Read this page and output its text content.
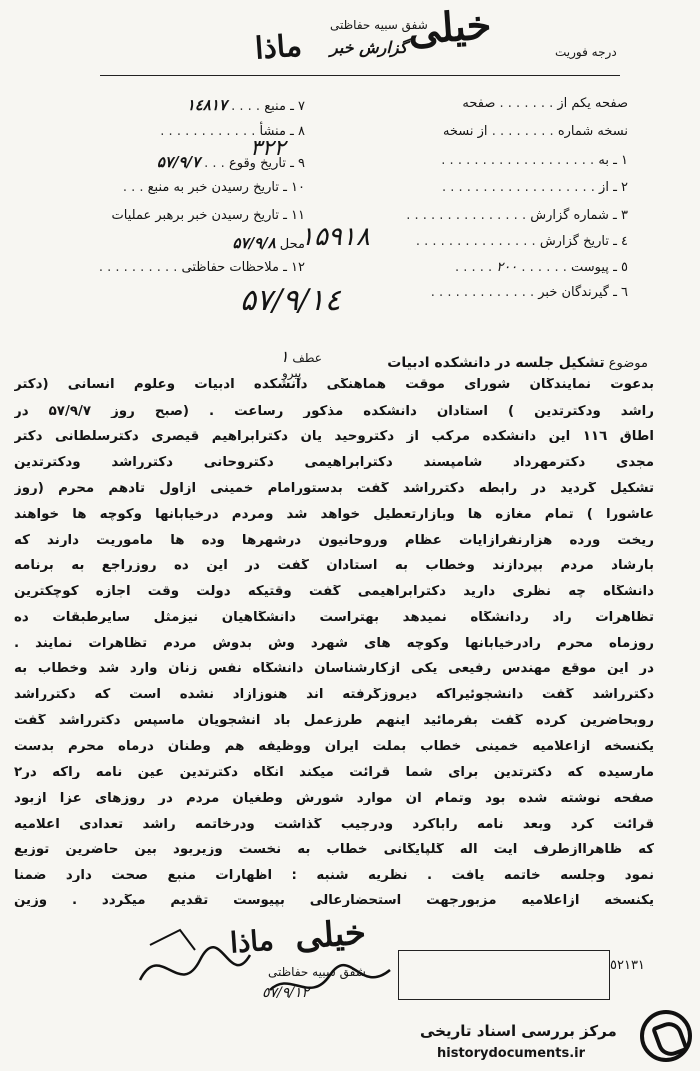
خیلی
شفق سبیه حفاظتی
گزارش خبر
ماذا	درجه فوریت
صفحه یکم از . . . . . . . صفحه
نسخه شماره . . . . . . . . از نسخه
۱ ـ به . . . . . . . . . . . . . . . . . . .
۲ ـ از . . . . . . . . . . . . . . . . . . .
۳ ـ شماره گزارش . . . . . . . . . . . . . . .
٤ ـ تاریخ گزارش . . . . . . . . . . . . . . .
٥ ـ پیوست . . . . . . ۲۰۰ . . . . .
٦ ـ گیرندگان خبر . . . . . . . . . . . . .
۷ ـ منبع . . . . ۱٤۸۱۷
۸ ـ منشأ . . . . . . . . . . . .
۳۲۲
۹ ـ تاریخ وقوع . . . ۵۷/۹/۷
۱۰ ـ تاریخ رسیدن خبر به منبع . . .
۱۱ ـ تاریخ رسیدن خبر برهبر عملیات
محل ۵۷/۹/۸ ۱۵۹۱۸
۱۲ ـ ملاحظات حفاظتی . . . . . . . . . .
۵۷/۹/۱٤
عطف ۱
پیرو
موضوع تشکیل جلسه در دانشکده ادبیات
بدعوت نمایندگان شورای موقت هماهنگی دانشکده ادبیات وعلوم انسانی (دکتر
راشد ودکترتدین ) استادان دانشکده مذکور رساعت . (صبح روز ۵۷/۹/۷ در
اطاق ۱۱٦ این دانشکده مرکب از دکتروحید یان دکترابراهیم قیصری دکترسلطانی دکتر
مجدی دکترمهرداد شامپسند دکترابراهیمی دکتروحانی دکترراشد ودکترتدین
تشکیل گردید در رابطه دکترراشد گفت بدستورامام خمینی ازاول تادهم محرم (روز
عاشورا ) تمام مغازه ها وبازارتعطیل خواهد شد ومردم درخیابانها وکوچه ها خواهند
ریخت ورده هزارنفرازآیات عظام وروحانیون درشهرها وده ها مأموریت دارند که
بارشاد مردم بپردازند وخطاب به استادان گفت در این ده روزراجع به برنامه
دانشگاه چه نظری دارید دکترابراهیمی گفت وقتیکه دولت وقت اجازه کوچکترین
تظاهرات راد ردانشگاه نمیدهد بهتراست دانشگاهیان نیزمثل سایرطبقات ده
روزماه محرم رادرخیابانها وکوچه های شهرد وش بدوش مردم تظاهرات نمایند .
در این موقع مهندس رفیعی یکی ازکارشناسان دانشگاه نفس زنان وارد شد وخطاب به
دکترراشد گفت دانشجوئیراکه دیروزگرفته اند هنوزآزاد نشده است که دکترراشد
روبحاضرین کرده گفت بفرمائید اینهم طرزعمل باد انشجویان ماسپس دکترراشد گفت
یکنسخه ازاعلامیه خمینی خطاب بملت ایران ووظیفه هم وطنان درماه محرم بدست
مارسیده که دکترتدین برای شما قرائت میکند آنگاه دکترتدین عین نامه راکه در۲
صفحه نوشته شده بود وتمام آن موارد شورش وطغیان مردم در روزهای عزا ازبود
قرائت کرد وبعد نامه راباکرد ودرجیب گذاشت ودرخاتمه راشد تعدادی اعلامیه
که ظاهراازطرف آیت اله گلپایگانی خطاب به نخست وزیربود بین حاضرین توزیع
نمود وجلسه خاتمه یافت . نظریه شنبه : اظهارات منبع صحت دارد ضمناً
یکنسخه ازاعلامیه مزبورجهت استحضارعالی بپیوست تقدیم میگردد . وزین
خیلی
ماذا
شفق سبیه حفاظتی	٥۲۱۳۱
٥۷/۹/۱۲
مرکز بررسی اسناد تاریخی
historydocuments.ir
